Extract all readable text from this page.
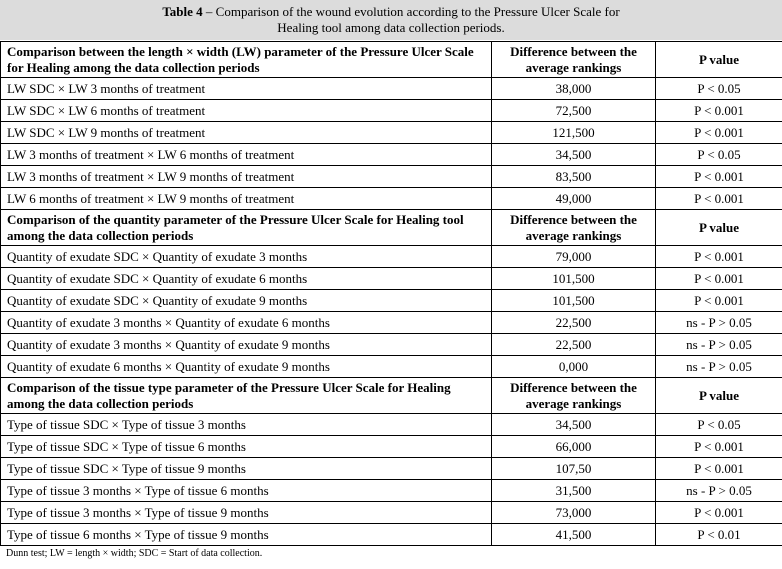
Table 4 – Comparison of the wound evolution according to the Pressure Ulcer Scale for
Healing tool among data collection periods.
Comparison between the length × width (LW) parameter of the Pressure Ulcer Scale for Healing among the data collection periods	Difference between the average rankings	P value
LW SDC × LW 3 months of treatment	38,000	P < 0.05
LW SDC × LW 6 months of treatment	72,500	P < 0.001
LW SDC × LW 9 months of treatment	121,500	P < 0.001
LW 3 months of treatment × LW 6 months of treatment	34,500	P < 0.05
LW 3 months of treatment × LW 9 months of treatment	83,500	P < 0.001
LW 6 months of treatment × LW 9 months of treatment	49,000	P < 0.001
Comparison of the quantity parameter of the Pressure Ulcer Scale for Healing tool among the data collection periods	Difference between the average rankings	P value
Quantity of exudate SDC × Quantity of exudate 3 months	79,000	P < 0.001
Quantity of exudate SDC × Quantity of exudate 6 months	101,500	P < 0.001
Quantity of exudate SDC × Quantity of exudate 9 months	101,500	P < 0.001
Quantity of exudate 3 months × Quantity of exudate 6 months	22,500	ns - P > 0.05
Quantity of exudate 3 months × Quantity of exudate 9 months	22,500	ns - P > 0.05
Quantity of exudate 6 months × Quantity of exudate 9 months	0,000	ns - P > 0.05
Comparison of the tissue type parameter of the Pressure Ulcer Scale for Healing among the data collection periods	Difference between the average rankings	P value
Type of tissue SDC × Type of tissue 3 months	34,500	P < 0.05
Type of tissue SDC × Type of tissue 6 months	66,000	P < 0.001
Type of tissue SDC × Type of tissue 9 months	107,50	P < 0.001
Type of tissue 3 months × Type of tissue 6 months	31,500	ns - P > 0.05
Type of tissue 3 months × Type of tissue 9 months	73,000	P < 0.001
Type of tissue 6 months × Type of tissue 9 months	41,500	P < 0.01
Dunn test; LW = length × width; SDC = Start of data collection.
